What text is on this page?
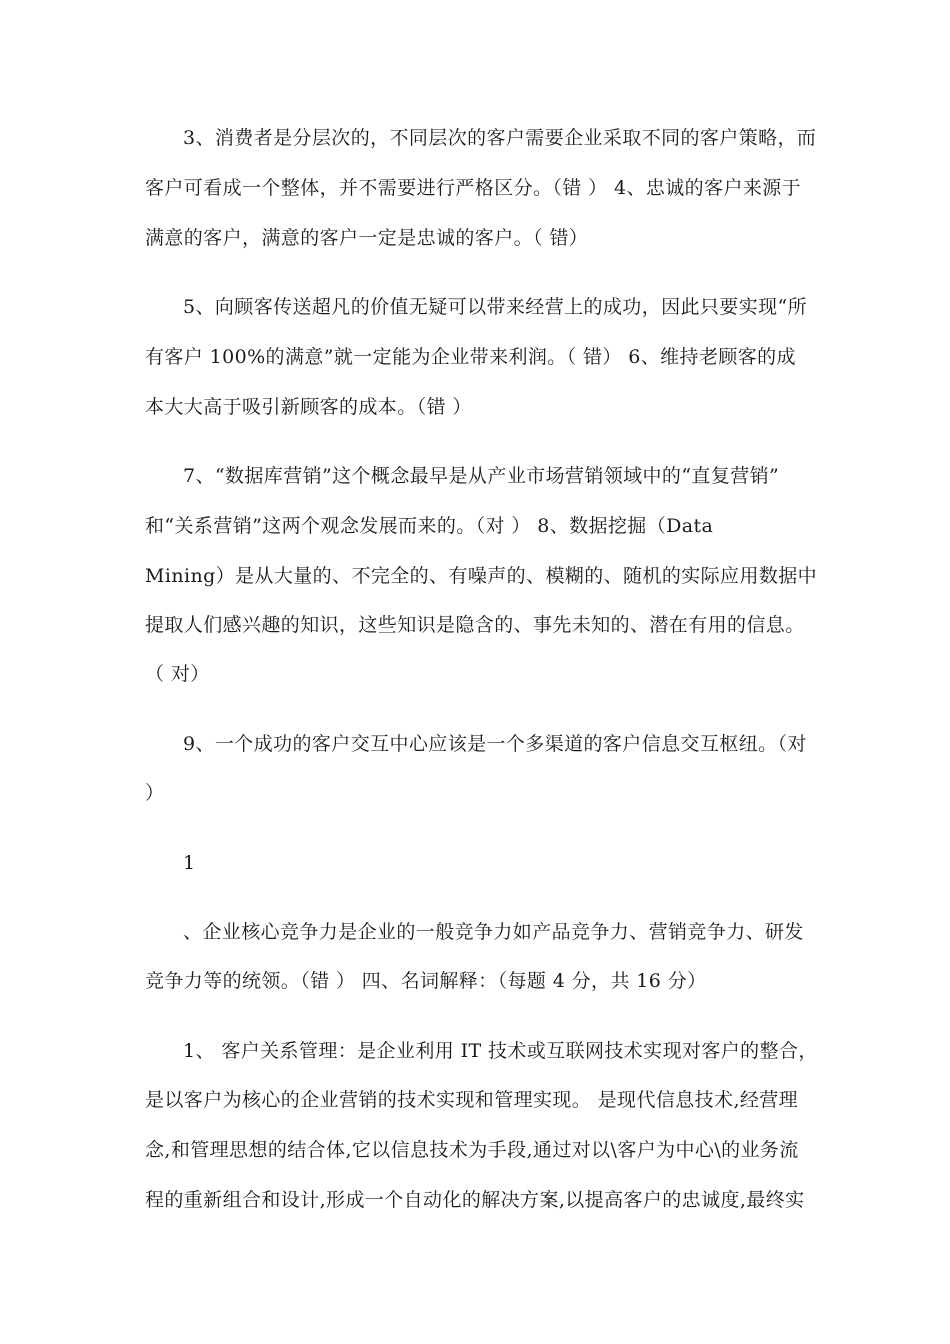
3、消费者是分层次的，不同层次的客户需要企业采取不同的客户策略，而
客户可看成一个整体，并不需要进行严格区分。（错 ） 4、忠诚的客户来源于
满意的客户，满意的客户一定是忠诚的客户。（ 错）
5、向顾客传送超凡的价值无疑可以带来经营上的成功，因此只要实现“所
有客户 100%的满意”就一定能为企业带来利润。（ 错） 6、维持老顾客的成
本大大高于吸引新顾客的成本。（错 ）
7、“数据库营销”这个概念最早是从产业市场营销领域中的“直复营销”
和“关系营销”这两个观念发展而来的。（对 ） 8、数据挖掘（Data
Mining）是从大量的、不完全的、有噪声的、模糊的、随机的实际应用数据中
提取人们感兴趣的知识，这些知识是隐含的、事先未知的、潜在有用的信息。
（ 对）
9、一个成功的客户交互中心应该是一个多渠道的客户信息交互枢纽。（对
）
1
、企业核心竞争力是企业的一般竞争力如产品竞争力、营销竞争力、研发
竞争力等的统领。（错 ） 四、名词解释：（每题 4 分，共 16 分）
1、 客户关系管理：是企业利用 IT 技术或互联网技术实现对客户的整合，
是以客户为核心的企业营销的技术实现和管理实现。 是现代信息技术,经营理
念,和管理思想的结合体,它以信息技术为手段,通过对以\客户为中心\的业务流
程的重新组合和设计,形成一个自动化的解决方案,以提高客户的忠诚度,最终实
